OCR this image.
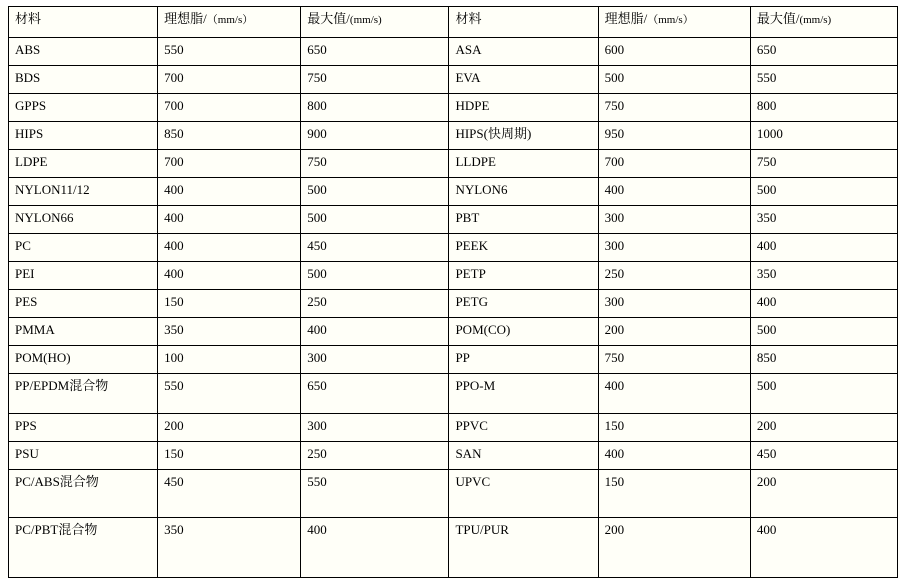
材料	理想脂/（mm/s）	最大值/(mm/s)	材料	理想脂/（mm/s）	最大值/(mm/s)
ABS	550	650	ASA	600	650
BDS	700	750	EVA	500	550
GPPS	700	800	HDPE	750	800
HIPS	850	900	HIPS(快周期)	950	1000
LDPE	700	750	LLDPE	700	750
NYLON11/12	400	500	NYLON6	400	500
NYLON66	400	500	PBT	300	350
PC	400	450	PEEK	300	400
PEI	400	500	PETP	250	350
PES	150	250	PETG	300	400
PMMA	350	400	POM(CO)	200	500
POM(HO)	100	300	PP	750	850
PP/EPDM混合物	550	650	PPO-M	400	500
PPS	200	300	PPVC	150	200
PSU	150	250	SAN	400	450
PC/ABS混合物	450	550	UPVC	150	200
PC/PBT混合物	350	400	TPU/PUR	200	400
